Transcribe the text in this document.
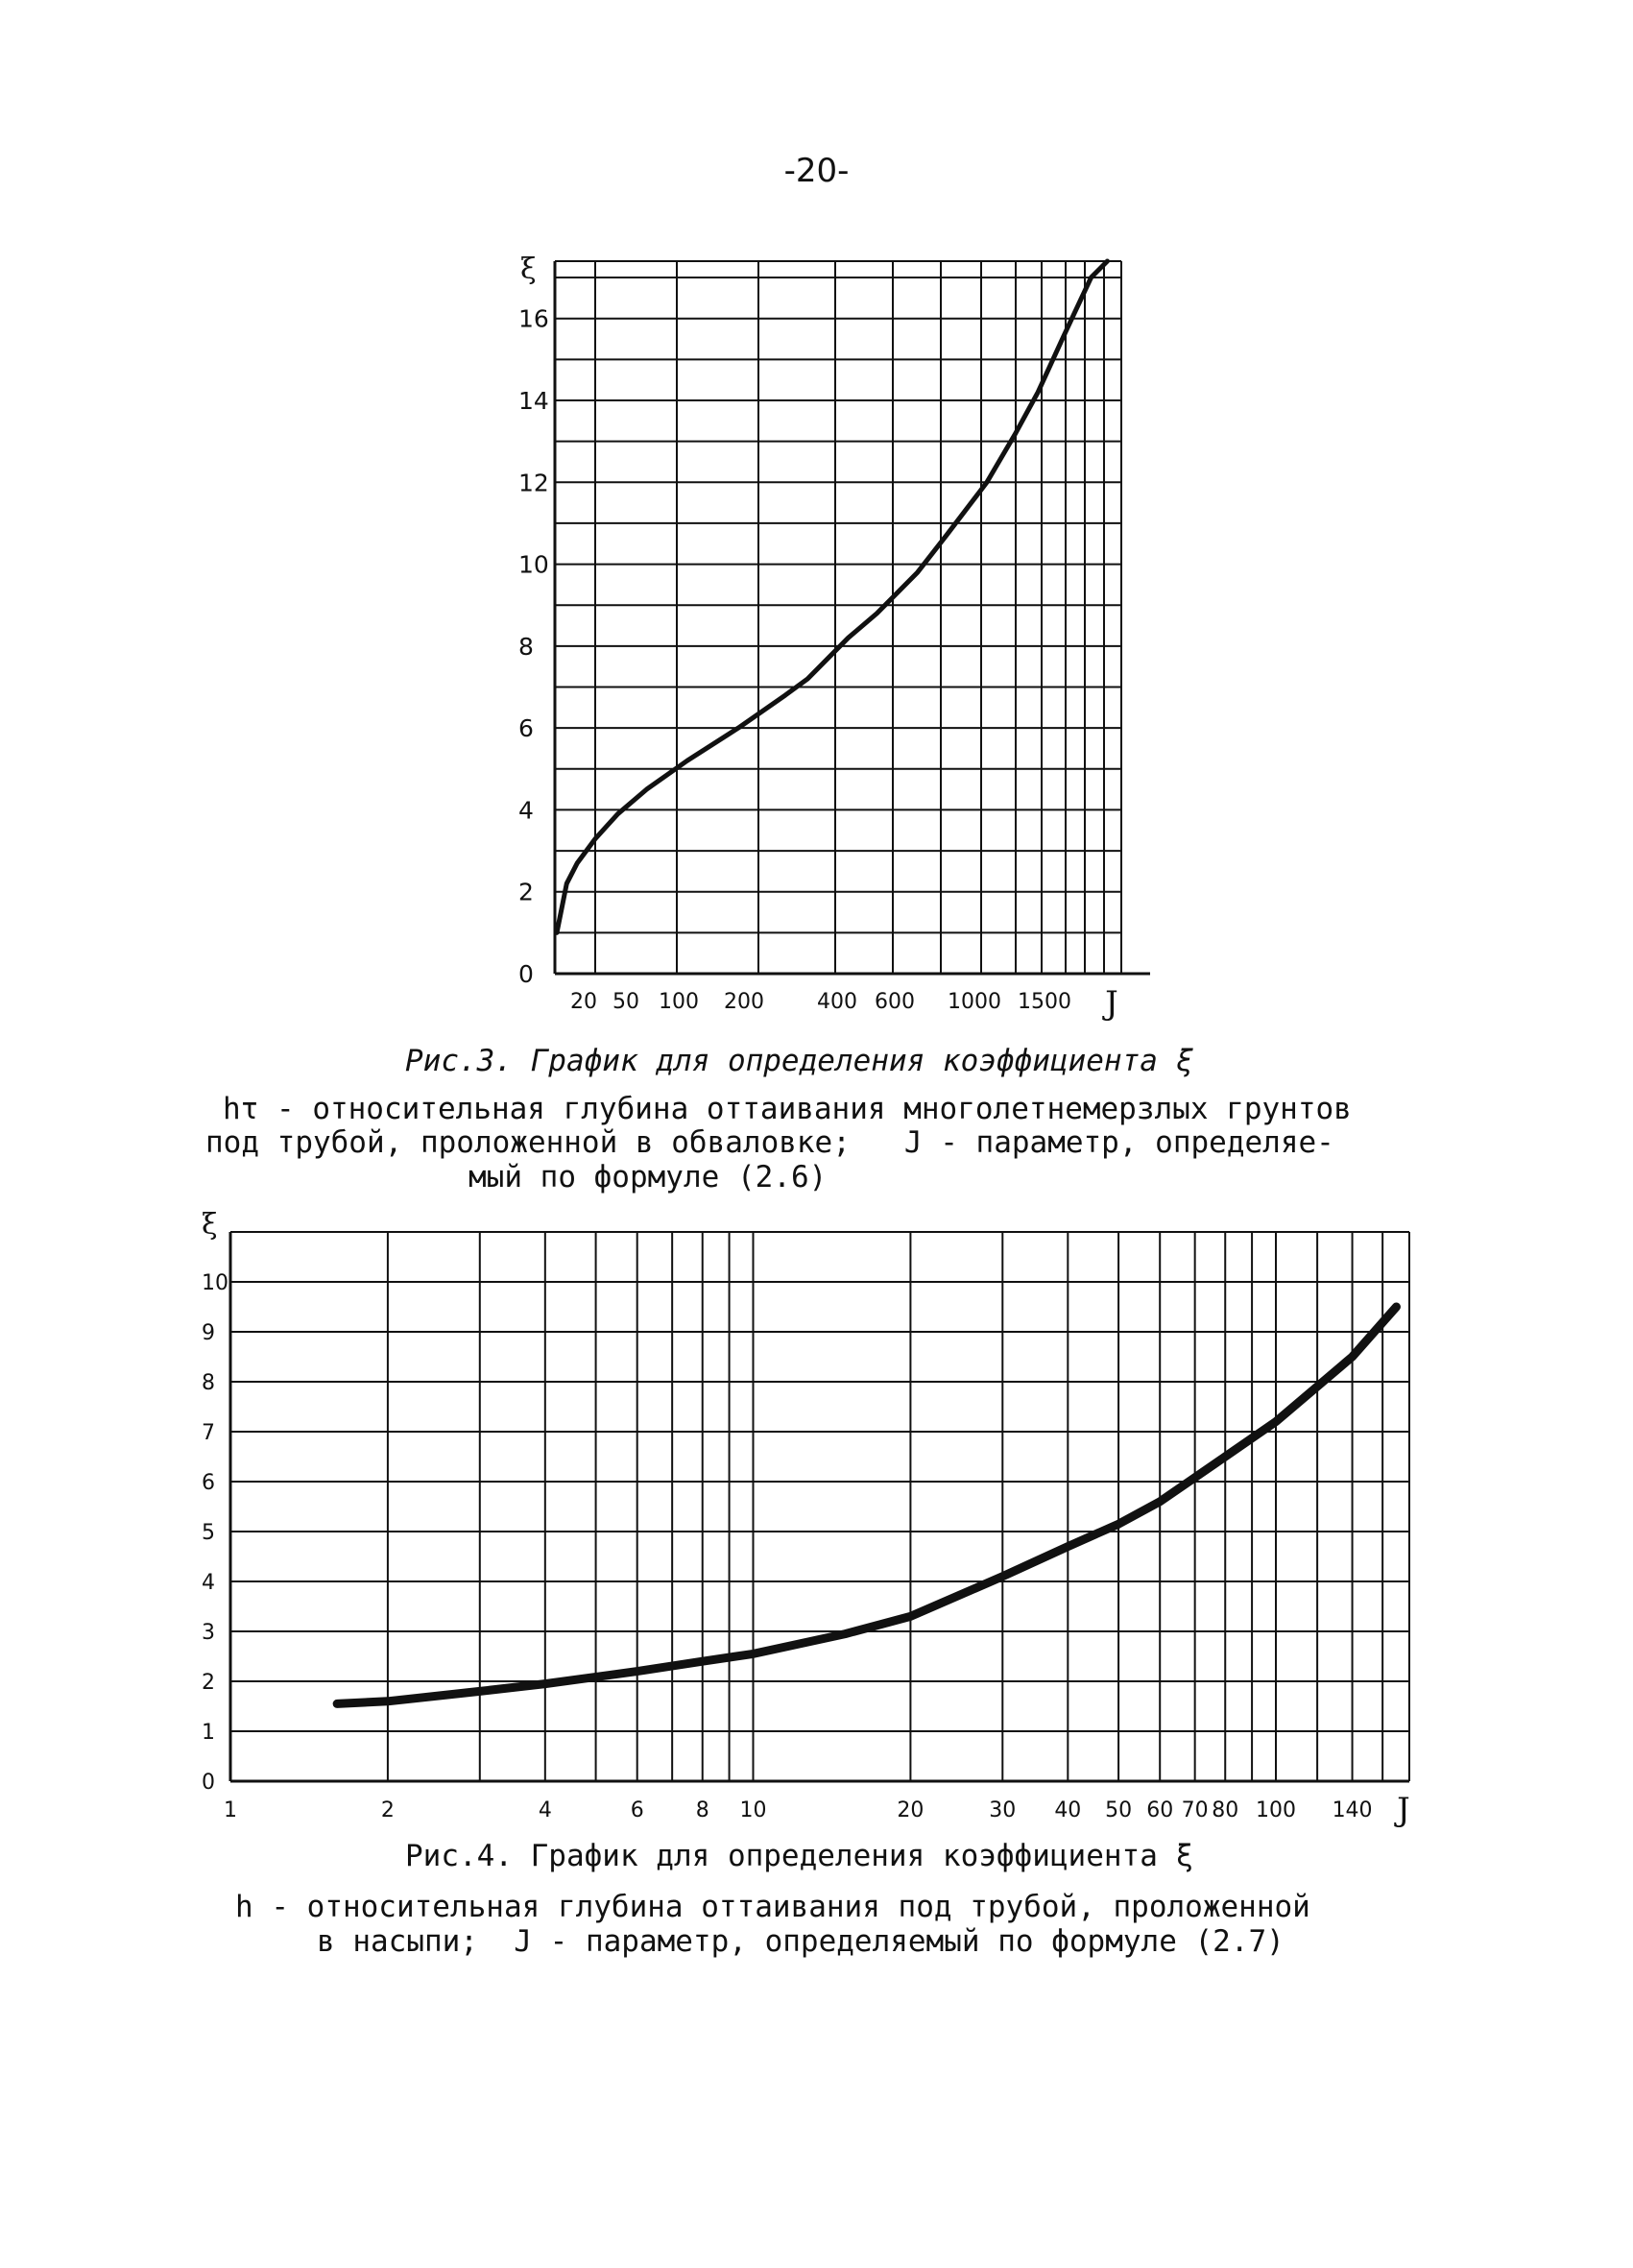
-20-
0
2
4
6
8
10
12
14
16
ξ
20 50 100 200	400 600 1000 1500 J
0
1
2
3
4
5
6
7
8
9
10
ξ
1	2	4	6 8 10	20	30 40 50 60 70 80 100 140 J
Рис.3. График для определения коэффициента ξ
hτ - относительная глубина оттаивания многолетнемерзлых грунтов
под трубой, проложенной в обваловке;   J - параметр, определяе-
мый по формуле (2.6)
Рис.4. График для определения коэффициента ξ
h - относительная глубина оттаивания под трубой, проложенной
в насыпи;  J - параметр, определяемый по формуле (2.7)
